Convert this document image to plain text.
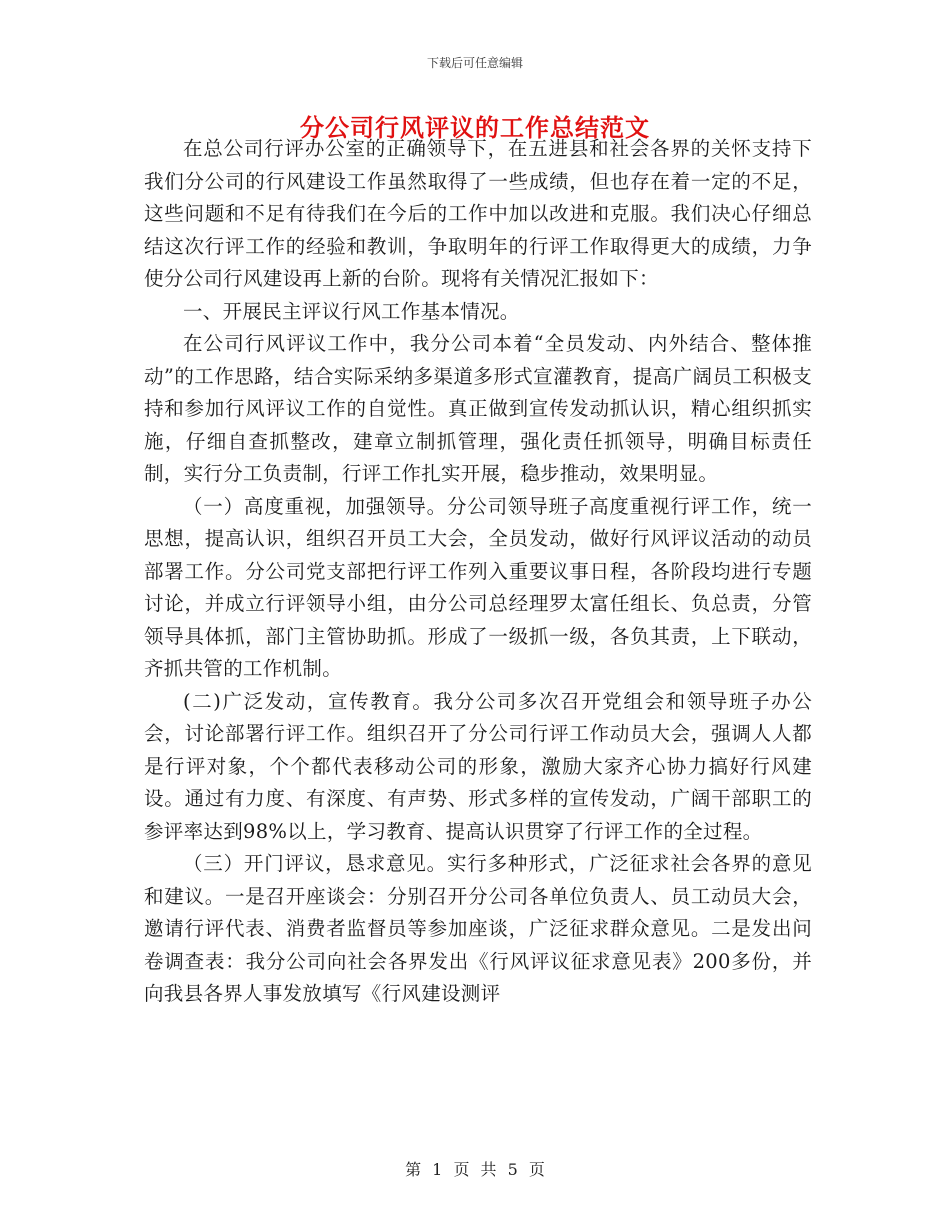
下载后可任意编辑
分公司行风评议的工作总结范文

在总公司行评办公室的正确领导下，在五进县和社会各界的关怀支持下我们分公司的行风建设工作虽然取得了一些成绩，但也存在着一定的不足，这些问题和不足有待我们在今后的工作中加以改进和克服。我们决心仔细总结这次行评工作的经验和教训，争取明年的行评工作取得更大的成绩，力争使分公司行风建设再上新的台阶。现将有关情况汇报如下：

一、开展民主评议行风工作基本情况。

在公司行风评议工作中，我分公司本着“全员发动、内外结合、整体推动”的工作思路，结合实际采纳多渠道多形式宣灌教育，提高广阔员工积极支持和参加行风评议工作的自觉性。真正做到宣传发动抓认识，精心组织抓实施，仔细自查抓整改，建章立制抓管理，强化责任抓领导，明确目标责任制，实行分工负责制，行评工作扎实开展，稳步推动，效果明显。

（一）高度重视，加强领导。分公司领导班子高度重视行评工作，统一思想，提高认识，组织召开员工大会，全员发动，做好行风评议活动的动员部署工作。分公司党支部把行评工作列入重要议事日程，各阶段均进行专题讨论，并成立行评领导小组，由分公司总经理罗太富任组长、负总责，分管领导具体抓，部门主管协助抓。形成了一级抓一级，各负其责，上下联动，齐抓共管的工作机制。

(二)广泛发动，宣传教育。我分公司多次召开党组会和领导班子办公会，讨论部署行评工作。组织召开了分公司行评工作动员大会，强调人人都是行评对象，个个都代表移动公司的形象，激励大家齐心协力搞好行风建设。通过有力度、有深度、有声势、形式多样的宣传发动，广阔干部职工的参评率达到98%以上，学习教育、提高认识贯穿了行评工作的全过程。

（三）开门评议，恳求意见。实行多种形式，广泛征求社会各界的意见和建议。一是召开座谈会：分别召开分公司各单位负责人、员工动员大会，邀请行评代表、消费者监督员等参加座谈，广泛征求群众意见。二是发出问卷调查表：我分公司向社会各界发出《行风评议征求意见表》200多份，并向我县各界人事发放填写《行风建设测评

第 1 页 共 5 页
